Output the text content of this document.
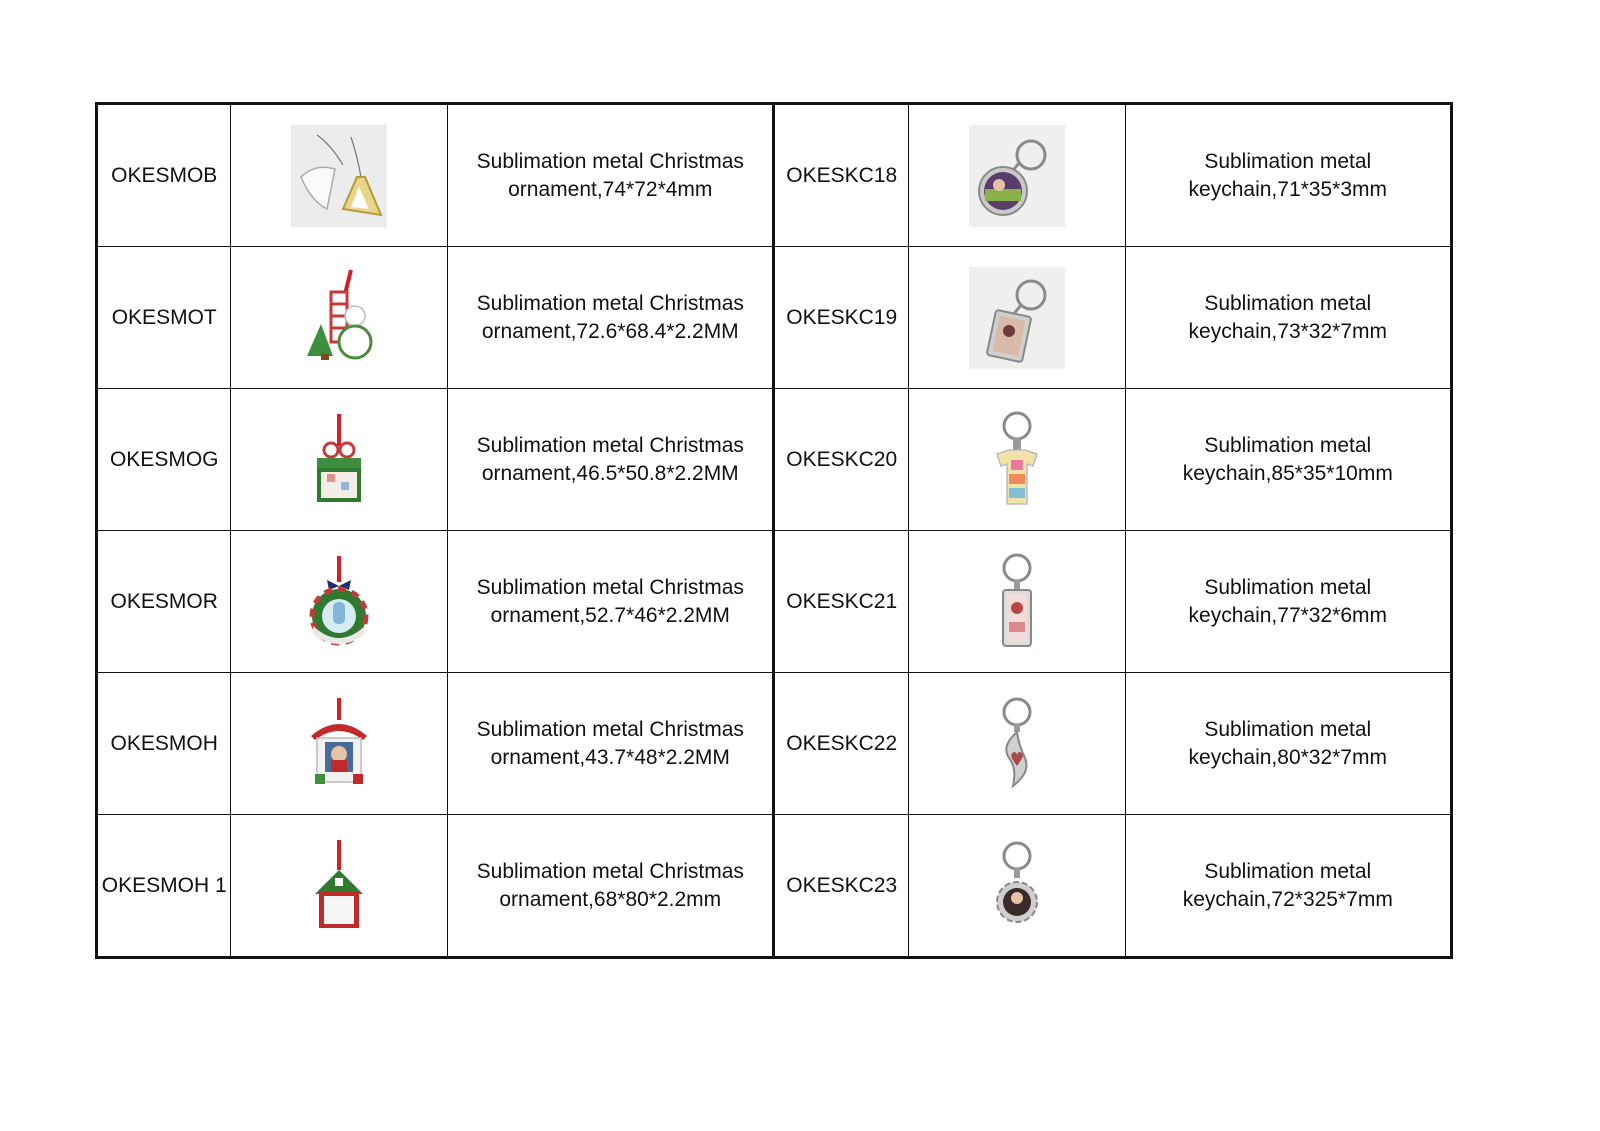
OKESMOB		Sublimation metal Christmas ornament,74*72*4mm	OKESKC18		Sublimation metal keychain,71*35*3mm
OKESMOT		Sublimation metal Christmas ornament,72.6*68.4*2.2MM	OKESKC19		Sublimation metal keychain,73*32*7mm
OKESMOG		Sublimation metal Christmas ornament,46.5*50.8*2.2MM	OKESKC20		Sublimation metal keychain,85*35*10mm
OKESMOR		Sublimation metal Christmas ornament,52.7*46*2.2MM	OKESKC21		Sublimation metal keychain,77*32*6mm
OKESMOH		Sublimation metal Christmas ornament,43.7*48*2.2MM	OKESKC22		Sublimation metal keychain,80*32*7mm
OKESMOH 1		Sublimation metal Christmas ornament,68*80*2.2mm	OKESKC23		Sublimation metal keychain,72*325*7mm
